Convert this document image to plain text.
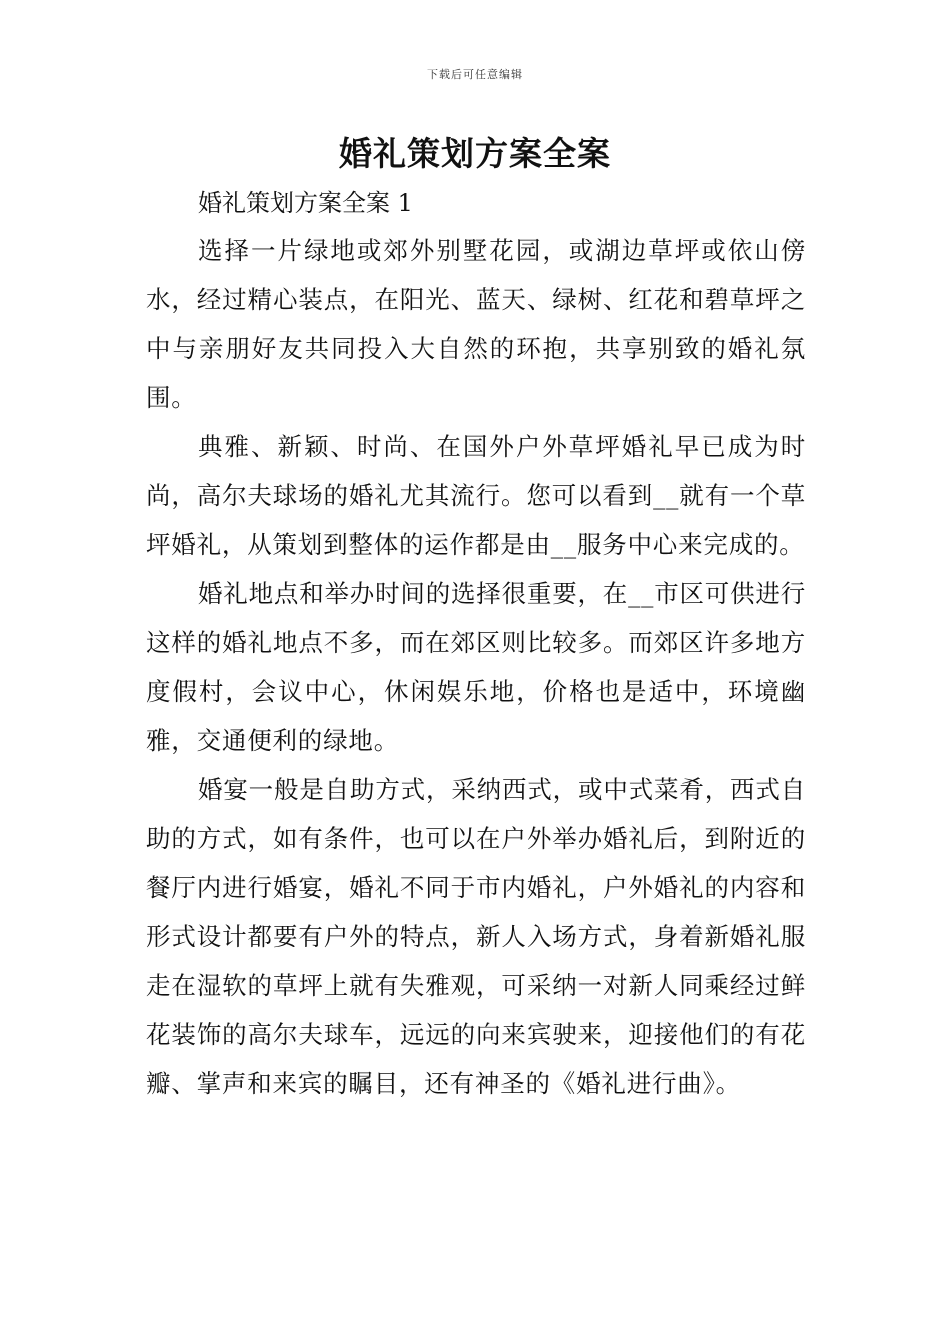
下载后可任意编辑
婚礼策划方案全案

婚礼策划方案全案 1

选择一片绿地或郊外别墅花园，或湖边草坪或依山傍水，经过精心装点，在阳光、蓝天、绿树、红花和碧草坪之中与亲朋好友共同投入大自然的环抱，共享别致的婚礼氛围。

典雅、新颖、时尚、在国外户外草坪婚礼早已成为时尚，高尔夫球场的婚礼尤其流行。您可以看到__就有一个草坪婚礼，从策划到整体的运作都是由__服务中心来完成的。

婚礼地点和举办时间的选择很重要，在__市区可供进行这样的婚礼地点不多，而在郊区则比较多。而郊区许多地方度假村，会议中心，休闲娱乐地，价格也是适中，环境幽雅，交通便利的绿地。

婚宴一般是自助方式，采纳西式，或中式菜肴，西式自助的方式，如有条件，也可以在户外举办婚礼后，到附近的餐厅内进行婚宴，婚礼不同于市内婚礼，户外婚礼的内容和形式设计都要有户外的特点，新人入场方式，身着新婚礼服走在湿软的草坪上就有失雅观，可采纳一对新人同乘经过鲜花装饰的高尔夫球车，远远的向来宾驶来，迎接他们的有花瓣、掌声和来宾的瞩目，还有神圣的《婚礼进行曲》。
